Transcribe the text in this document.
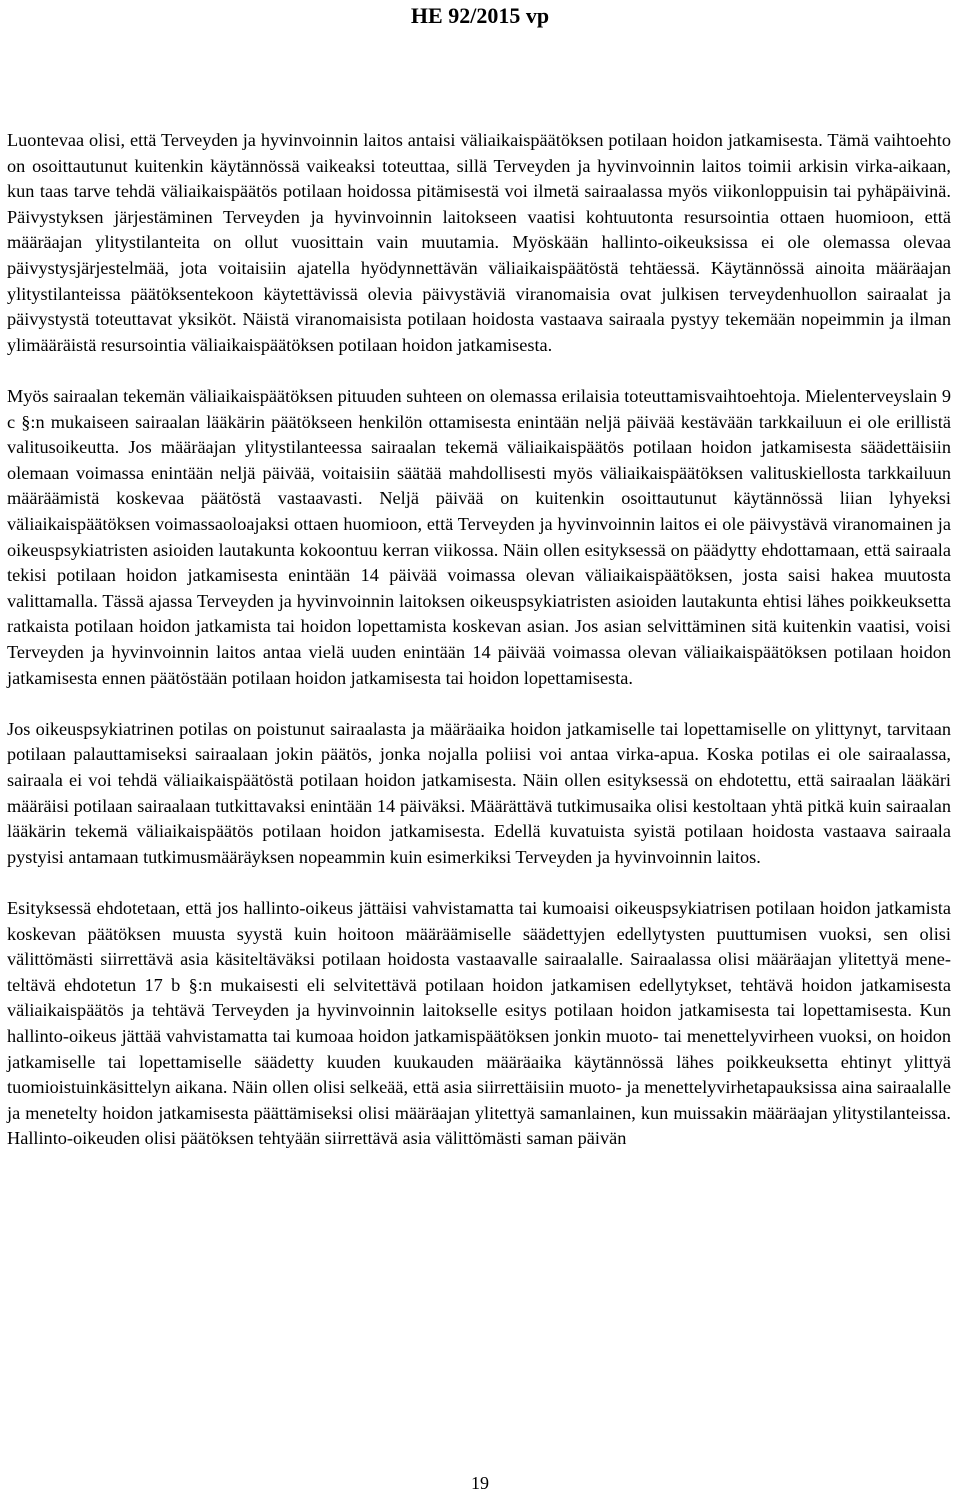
HE 92/2015 vp

Luontevaa olisi, että Terveyden ja hyvinvoinnin laitos antaisi väliaikaispäätöksen potilaan hoidon jatkamisesta. Tämä vaihtoehto on osoittautunut kuitenkin käytännössä vaikeaksi toteuttaa, sillä Terveyden ja hyvinvoinnin laitos toimii arkisin virka-aikaan, kun taas tarve tehdä väliaikaispäätös potilaan hoidossa pitämisestä voi ilmetä sairaalassa myös viikonloppuisin tai pyhäpäivinä. Päivystyksen järjestäminen Terveyden ja hyvinvoinnin laitokseen vaatisi kohtuutonta resursointia ottaen huomioon, että määräajan ylitystilanteita on ollut vuosittain vain muutamia. Myöskään hallinto-oikeuksissa ei ole olemassa olevaa päivystysjärjestelmää, jota voitaisiin ajatella hyödynnettävän väliaikaispäätöstä tehtäessä. Käytännössä ainoita määräajan ylitystilanteissa päätöksentekoon käytettävissä olevia päivystäviä viranomaisia ovat julkisen terveydenhuollon sairaalat ja päivystystä toteuttavat yksiköt. Näistä viranomaisista potilaan hoidosta vastaava sairaala pystyy tekemään nopeimmin ja ilman ylimääräistä resursointia väliaikaispäätöksen potilaan hoidon jatkamisesta.

Myös sairaalan tekemän väliaikaispäätöksen pituuden suhteen on olemassa erilaisia toteuttamisvaihtoehtoja. Mielenterveyslain 9 c §:n mukaiseen sairaalan lääkärin päätökseen henkilön ottamisesta enintään neljä päivää kestävään tarkkailuun ei ole erillistä valitusoikeutta. Jos määräajan ylitystilanteessa sairaalan tekemä väliaikaispäätös potilaan hoidon jatkamisesta säädettäisiin olemaan voimassa enintään neljä päivää, voitaisiin säätää mahdollisesti myös väliaikaispäätöksen valituskiellosta tarkkailuun määräämistä koskevaa päätöstä vastaavasti. Neljä päivää on kuitenkin osoittautunut käytännössä liian lyhyeksi väliaikaispäätöksen voimassaoloajaksi ottaen huomioon, että Terveyden ja hyvinvoinnin laitos ei ole päivystävä viranomainen ja oikeuspsykiatristen asioiden lautakunta kokoontuu kerran viikossa. Näin ollen esityksessä on päädytty ehdottamaan, että sairaala tekisi potilaan hoidon jatkamisesta enintään 14 päivää voimassa olevan väliaikaispäätöksen, josta saisi hakea muutosta valittamalla. Tässä ajassa Terveyden ja hyvinvoinnin laitoksen oikeuspsykiatristen asioiden lautakunta ehtisi lähes poikkeuksetta ratkaista potilaan hoidon jatkamista tai hoidon lopettamista koskevan asian. Jos asian selvittäminen sitä kuitenkin vaatisi, voisi Terveyden ja hyvinvoinnin laitos antaa vielä uuden enintään 14 päivää voimassa olevan väliaikaispäätöksen potilaan hoidon jatkamisesta ennen päätöstään potilaan hoidon jatkamisesta tai hoidon lopettamisesta.

Jos oikeuspsykiatrinen potilas on poistunut sairaalasta ja määräaika hoidon jatkamiselle tai lopettamiselle on ylittynyt, tarvitaan potilaan palauttamiseksi sairaalaan jokin päätös, jonka nojalla poliisi voi antaa virka-apua. Koska potilas ei ole sairaalassa, sairaala ei voi tehdä väliaikaispäätöstä potilaan hoidon jatkamisesta. Näin ollen esityksessä on ehdotettu, että sairaalan lääkäri määräisi potilaan sairaalaan tutkittavaksi enintään 14 päiväksi. Määrättävä tutkimusaika olisi kestoltaan yhtä pitkä kuin sairaalan lääkärin tekemä väliaikaispäätös potilaan hoidon jatkamisesta. Edellä kuvatuista syistä potilaan hoidosta vastaava sairaala pystyisi antamaan tutkimusmääräyksen nopeammin kuin esimerkiksi Terveyden ja hyvinvoinnin laitos.

Esityksessä ehdotetaan, että jos hallinto-oikeus jättäisi vahvistamatta tai kumoaisi oikeuspsykiatrisen potilaan hoidon jatkamista koskevan päätöksen muusta syystä kuin hoitoon määräämiselle säädettyjen edellytysten puuttumisen vuoksi, sen olisi välittömästi siirrettävä asia käsiteltäväksi potilaan hoidosta vastaavalle sairaalalle. Sairaalassa olisi määräajan ylitettyä meneteltävä ehdotetun 17 b §:n mukaisesti eli selvitettävä potilaan hoidon jatkamisen edellytykset, tehtävä hoidon jatkamisesta väliaikaispäätös ja tehtävä Terveyden ja hyvinvoinnin laitokselle esitys potilaan hoidon jatkamisesta tai lopettamisesta. Kun hallinto-oikeus jättää vahvistamatta tai kumoaa hoidon jatkamispäätöksen jonkin muoto- tai menettelyvirheen vuoksi, on hoidon jatkamiselle tai lopettamiselle säädetty kuuden kuukauden määräaika käytännössä lähes poikkeuksetta ehtinyt ylittyä tuomioistuinkäsittelyn aikana. Näin ollen olisi selkeää, että asia siirrettäisiin muoto- ja menettelyvirhetapauksissa aina sairaalalle ja menetelty hoidon jatkamisesta päättämiseksi olisi määräajan ylitettyä samanlainen, kun muissakin määräajan ylitystilanteissa. Hallinto-oikeuden olisi päätöksen tehtyään siirrettävä asia välittömästi saman päivän

19
